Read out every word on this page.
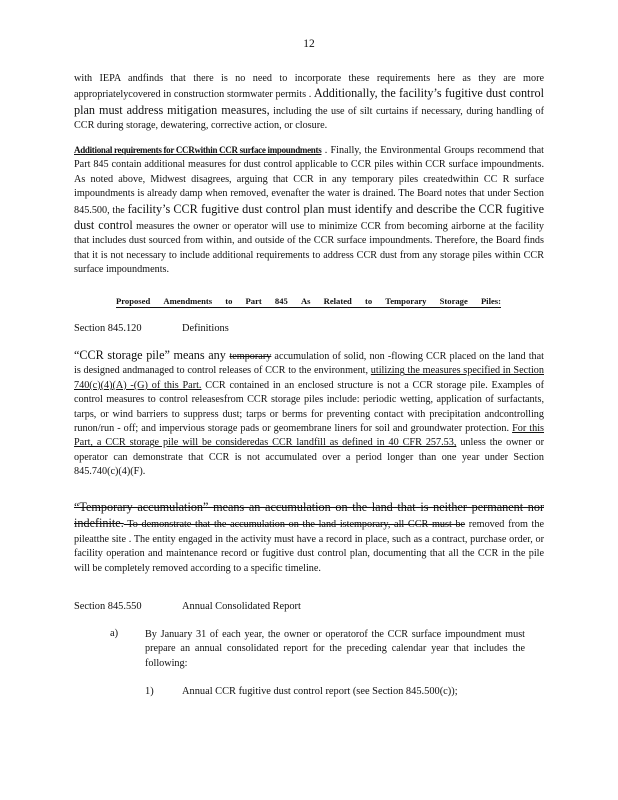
12
with IEPA andfinds that there is no need to incorporate these requirements here as they are more appropriatelycovered in construction stormwater permits . Additionally, the facility’s fugitive dust control plan must address mitigation measures, including the use of silt curtains if necessary, during handling of CCR during storage, dewatering, corrective action, or closure.
Additional requirements for CCRwithin CCR surface impoundments . Finally, the Environmental Groups recommend that Part 845 contain additional measures for dust control applicable to CCR piles within CCR surface impoundments. As noted above, Midwest disagrees, arguing that CCR in any temporary piles createdwithin CC R surface impoundments is already damp when removed, evenafter the water is drained. The Board notes that under Section 845.500, the facility’s CCR fugitive dust control plan must identify and describe the CCR fugitive dust control measures the owner or operator will use to minimize CCR from becoming airborne at the facility that includes dust sourced from within, and outside of the CCR surface impoundments. Therefore, the Board finds that it is not necessary to include additional requirements to address CCR dust from any storage piles within CCR surface impoundments.
Proposed Amendments to Part 845 As Related to Temporary Storage Piles:
Section 845.120	Definitions
“CCR storage pile” means any temporary accumulation of solid, non -flowing CCR placed on the land that is designed andmanaged to control releases of CCR to the environment, utilizing the measures specified in Section 740(c)(4)(A) -(G) of this Part. CCR contained in an enclosed structure is not a CCR storage pile. Examples of control measures to control releasesfrom CCR storage piles include: periodic wetting, application of surfactants, tarps, or wind barriers to suppress dust; tarps or berms for preventing contact with precipitation andcontrolling runon/run - off; and impervious storage pads or geomembrane liners for soil and groundwater protection. For this Part, a CCR storage pile will be consideredas CCR landfill as defined in 40 CFR 257.53, unless the owner or operator can demonstrate that CCR is not accumulated over a period longer than one year under Section 845.740(c)(4)(F).
“Temporary accumulation” means an accumulation on the land that is neither permanent nor indefinite. To demonstrate that the accumulation on the land istemporary, all CCR must be removed from the pileatthe site . The entity engaged in the activity must have a record in place, such as a contract, purchase order, or facility operation and maintenance record or fugitive dust control plan, documenting that all the CCR in the pile will be completely removed according to a specific timeline.
Section 845.550	Annual Consolidated Report
a)	By January 31 of each year, the owner or operatorof the CCR surface impoundment must prepare an annual consolidated report for the preceding calendar year that includes the following:
1)	Annual CCR fugitive dust control report (see Section 845.500(c));
